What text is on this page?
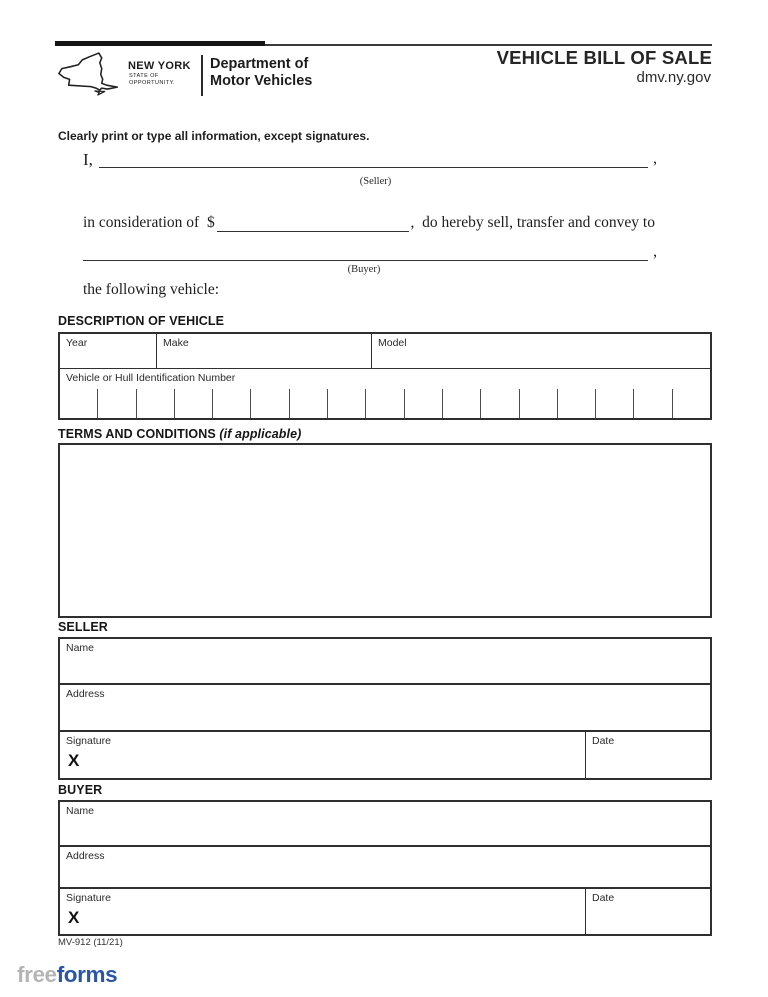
NEW YORK
STATE OF
OPPORTUNITY.
Department of
Motor Vehicles
VEHICLE BILL OF SALE
dmv.ny.gov
Clearly print or type all information, except signatures.
I,	,
(Seller)
in consideration of  $	,  do hereby sell, transfer and convey to
,
(Buyer)
the following vehicle:
DESCRIPTION OF VEHICLE
Year	Make	Model
Vehicle or Hull Identification Number
TERMS AND CONDITIONS (if applicable)
SELLER
Name
Address
Signature
X
Date
BUYER
Name
Address
Signature
X
Date
MV-912 (11/21)
freeforms
